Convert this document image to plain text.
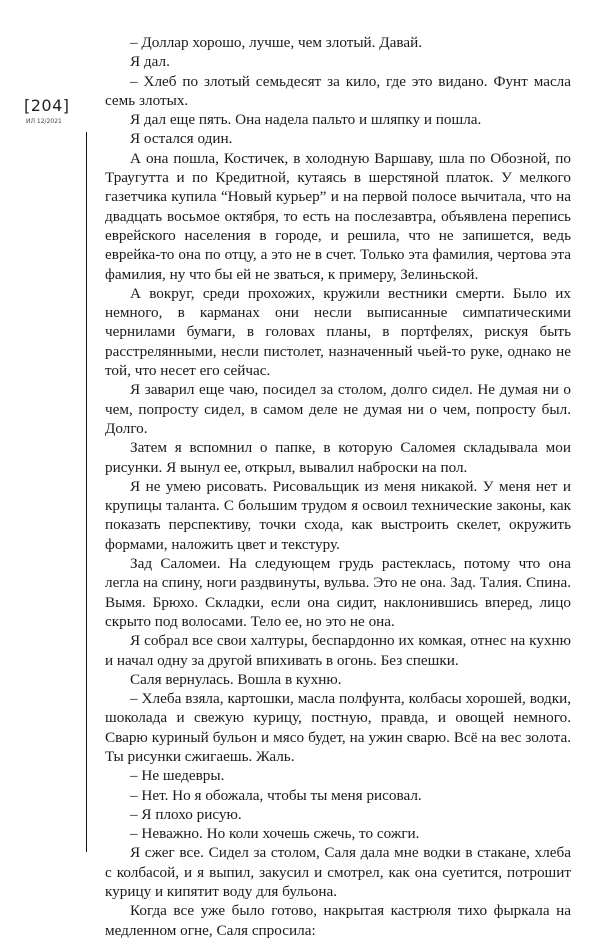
[204]
ИЛ 12/2021

– Доллар хорошо, лучше, чем злотый. Давай.

Я дал.

– Хлеб по злотый семьдесят за кило, где это видано. Фунт масла семь злотых.

Я дал еще пять. Она надела пальто и шляпку и пошла.

Я остался один.

А она пошла, Костичек, в холодную Варшаву, шла по Обозной, по Траугутта и по Кредитной, кутаясь в шерстяной платок. У мелкого газетчика купила “Новый курьер” и на первой полосе вычитала, что на двадцать восьмое октября, то есть на послезавтра, объявлена перепись еврейского населения в городе, и решила, что не запишется, ведь еврейка-то она по отцу, а это не в счет. Только эта фамилия, чертова эта фамилия, ну что бы ей не зваться, к примеру, Зелиньской.

А вокруг, среди прохожих, кружили вестники смерти. Было их немного, в карманах они несли выписанные симпатическими чернилами бумаги, в головах планы, в портфелях, рискуя быть расстрелянными, несли пистолет, назначенный чьей-то руке, однако не той, что несет его сейчас.

Я заварил еще чаю, посидел за столом, долго сидел. Не думая ни о чем, попросту сидел, в самом деле не думая ни о чем, попросту был. Долго.

Затем я вспомнил о папке, в которую Саломея складывала мои рисунки. Я вынул ее, открыл, вывалил наброски на пол.

Я не умею рисовать. Рисовальщик из меня никакой. У меня нет и крупицы таланта. С большим трудом я освоил технические законы, как показать перспективу, точки схода, как выстроить скелет, окружить формами, наложить цвет и текстуру.

Зад Саломеи. На следующем грудь растеклась, потому что она легла на спину, ноги раздвинуты, вульва. Это не она. Зад. Талия. Спина. Вымя. Брюхо. Складки, если она сидит, наклонившись вперед, лицо скрыто под волосами. Тело ее, но это не она.

Я собрал все свои халтуры, беспардонно их комкая, отнес на кухню и начал одну за другой впихивать в огонь. Без спешки.

Саля вернулась. Вошла в кухню.

– Хлеба взяла, картошки, масла полфунта, колбасы хорошей, водки, шоколада и свежую курицу, постную, правда, и овощей немного. Сварю куриный бульон и мясо будет, на ужин сварю. Всё на вес золота. Ты рисунки сжигаешь. Жаль.

– Не шедевры.

– Нет. Но я обожала, чтобы ты меня рисовал.

– Я плохо рисую.

– Неважно. Но коли хочешь сжечь, то сожги.

Я сжег все. Сидел за столом, Саля дала мне водки в стакане, хлеба с колбасой, и я выпил, закусил и смотрел, как она суетится, потрошит курицу и кипятит воду для бульона.

Когда все уже было готово, накрытая кастрюля тихо фыркала на медленном огне, Саля спросила:
